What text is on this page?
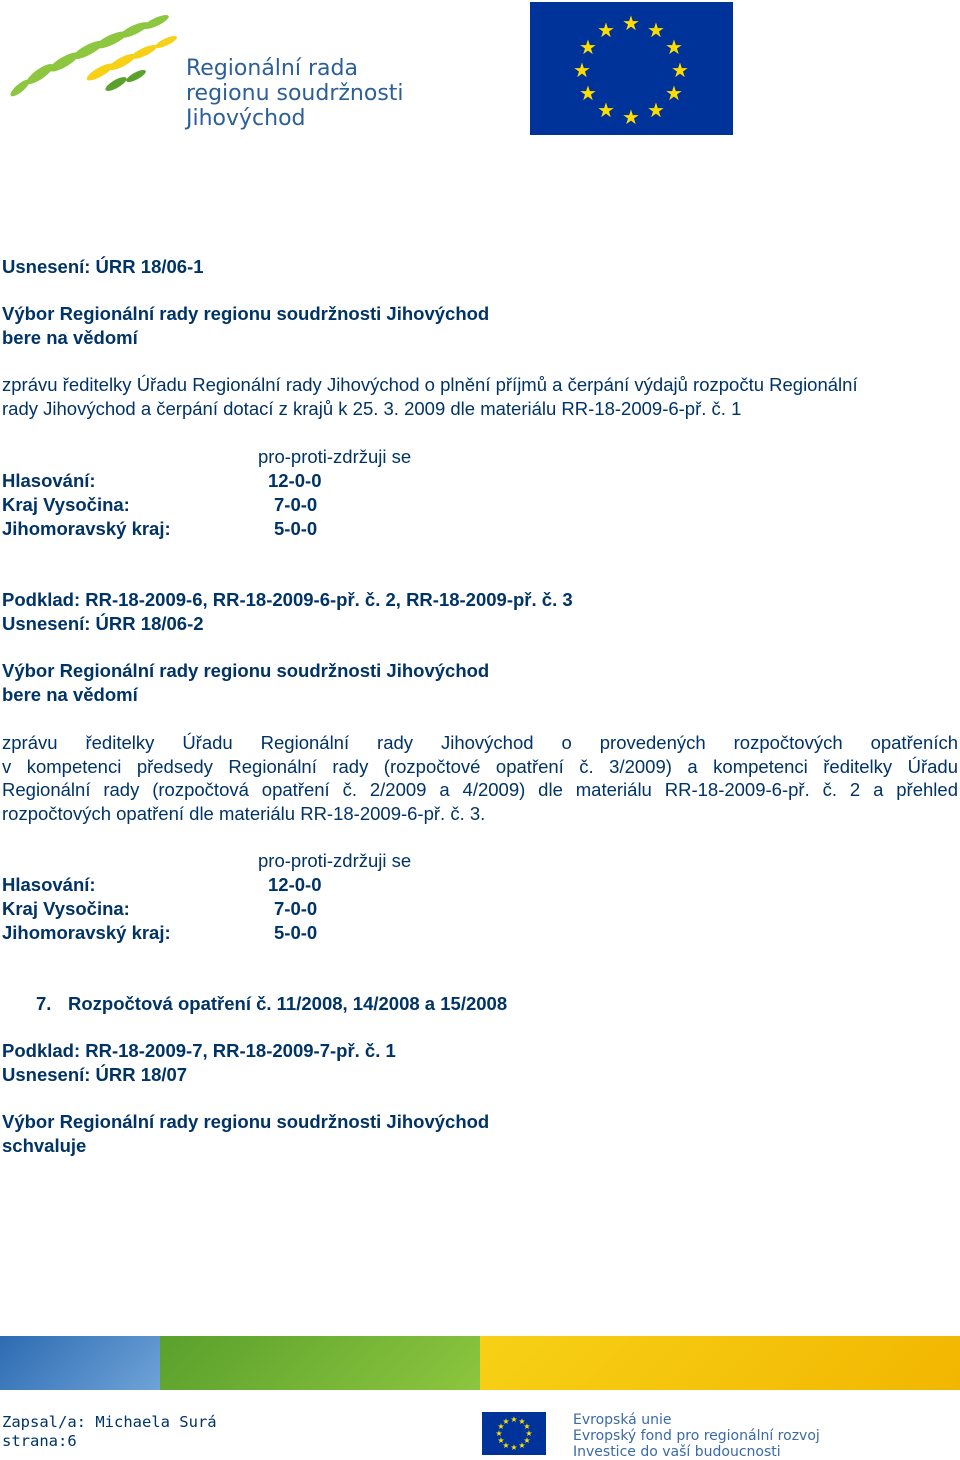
Regionální rada
regionu soudržnosti
Jihovýchod
★ ★
★
★
★
★
★
★
★
★
★
★
Usnesení: ÚRR 18/06-1
Výbor Regionální rady regionu soudržnosti Jihovýchod
bere na vědomí
zprávu ředitelky Úřadu Regionální rady Jihovýchod o plnění příjmů a čerpání výdajů rozpočtu Regionální
rady Jihovýchod a čerpání dotací z krajů k 25. 3. 2009 dle materiálu RR-18-2009-6-př. č. 1
pro-proti-zdržuji se
Hlasování:	12-0-0
Kraj Vysočina:	7-0-0
Jihomoravský kraj:	5-0-0
Podklad: RR-18-2009-6, RR-18-2009-6-př. č. 2, RR-18-2009-př. č. 3
Usnesení: ÚRR 18/06-2
Výbor Regionální rady regionu soudržnosti Jihovýchod
bere na vědomí
zprávu ředitelky Úřadu Regionální rady Jihovýchod o provedených rozpočtových opatřeních
v kompetenci předsedy Regionální rady (rozpočtové opatření č. 3/2009) a kompetenci ředitelky Úřadu
Regionální rady (rozpočtová opatření č. 2/2009 a 4/2009) dle materiálu RR-18-2009-6-př. č. 2 a přehled
rozpočtových opatření dle materiálu RR-18-2009-6-př. č. 3.
pro-proti-zdržuji se
Hlasování:	12-0-0
Kraj Vysočina:	7-0-0
Jihomoravský kraj:	5-0-0
7. Rozpočtová opatření č. 11/2008, 14/2008 a 15/2008
Podklad: RR-18-2009-7, RR-18-2009-7-př. č. 1
Usnesení: ÚRR 18/07
Výbor Regionální rady regionu soudržnosti Jihovýchod
schvaluje
Zapsal/a: Michaela Surá
strana:6
★ ★
★
★
★
★
★
★
★
★
★
★	Evropská unie
Evropský fond pro regionální rozvoj
Investice do vaší budoucnosti
